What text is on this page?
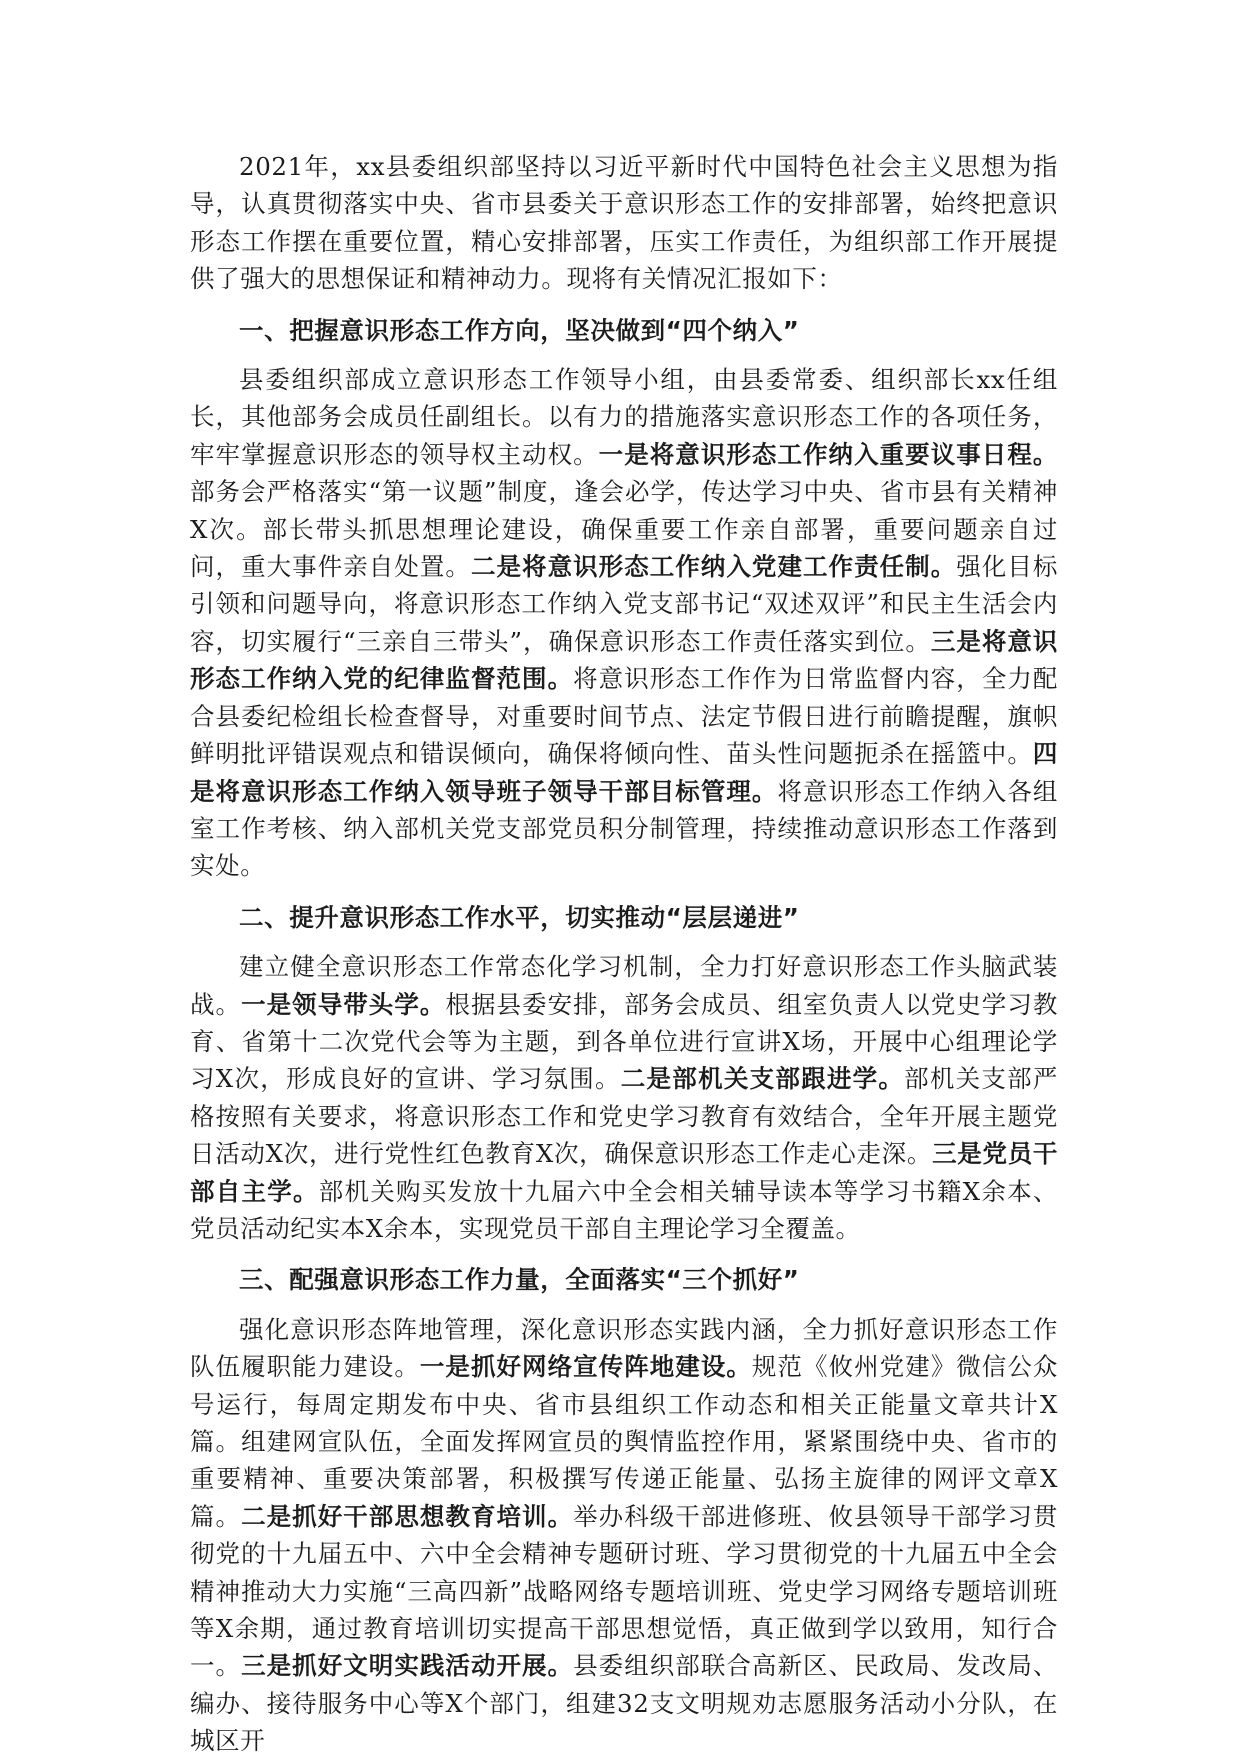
2021年，xx县委组织部坚持以习近平新时代中国特色社会主义思想为指导，认真贯彻落实中央、省市县委关于意识形态工作的安排部署，始终把意识形态工作摆在重要位置，精心安排部署，压实工作责任，为组织部工作开展提供了强大的思想保证和精神动力。现将有关情况汇报如下：

一、把握意识形态工作方向，坚决做到“四个纳入”

县委组织部成立意识形态工作领导小组，由县委常委、组织部长xx任组长，其他部务会成员任副组长。以有力的措施落实意识形态工作的各项任务，牢牢掌握意识形态的领导权主动权。一是将意识形态工作纳入重要议事日程。部务会严格落实“第一议题”制度，逢会必学，传达学习中央、省市县有关精神X次。部长带头抓思想理论建设，确保重要工作亲自部署，重要问题亲自过问，重大事件亲自处置。二是将意识形态工作纳入党建工作责任制。强化目标引领和问题导向，将意识形态工作纳入党支部书记“双述双评”和民主生活会内容，切实履行“三亲自三带头”，确保意识形态工作责任落实到位。三是将意识形态工作纳入党的纪律监督范围。将意识形态工作作为日常监督内容，全力配合县委纪检组长检查督导，对重要时间节点、法定节假日进行前瞻提醒，旗帜鲜明批评错误观点和错误倾向，确保将倾向性、苗头性问题扼杀在摇篮中。四是将意识形态工作纳入领导班子领导干部目标管理。将意识形态工作纳入各组室工作考核、纳入部机关党支部党员积分制管理，持续推动意识形态工作落到实处。

二、提升意识形态工作水平，切实推动“层层递进”

建立健全意识形态工作常态化学习机制，全力打好意识形态工作头脑武装战。一是领导带头学。根据县委安排，部务会成员、组室负责人以党史学习教育、省第十二次党代会等为主题，到各单位进行宣讲X场，开展中心组理论学习X次，形成良好的宣讲、学习氛围。二是部机关支部跟进学。部机关支部严格按照有关要求，将意识形态工作和党史学习教育有效结合，全年开展主题党日活动X次，进行党性红色教育X次，确保意识形态工作走心走深。三是党员干部自主学。部机关购买发放十九届六中全会相关辅导读本等学习书籍X余本、党员活动纪实本X余本，实现党员干部自主理论学习全覆盖。

三、配强意识形态工作力量，全面落实“三个抓好”

强化意识形态阵地管理，深化意识形态实践内涵，全力抓好意识形态工作队伍履职能力建设。一是抓好网络宣传阵地建设。规范《攸州党建》微信公众号运行，每周定期发布中央、省市县组织工作动态和相关正能量文章共计X篇。组建网宣队伍，全面发挥网宣员的舆情监控作用，紧紧围绕中央、省市的重要精神、重要决策部署，积极撰写传递正能量、弘扬主旋律的网评文章X篇。二是抓好干部思想教育培训。举办科级干部进修班、攸县领导干部学习贯彻党的十九届五中、六中全会精神专题研讨班、学习贯彻党的十九届五中全会精神推动大力实施“三高四新”战略网络专题培训班、党史学习网络专题培训班等X余期，通过教育培训切实提高干部思想觉悟，真正做到学以致用，知行合一。三是抓好文明实践活动开展。县委组织部联合高新区、民政局、发改局、编办、接待服务中心等X个部门，组建32支文明规劝志愿服务活动小分队，在城区开
